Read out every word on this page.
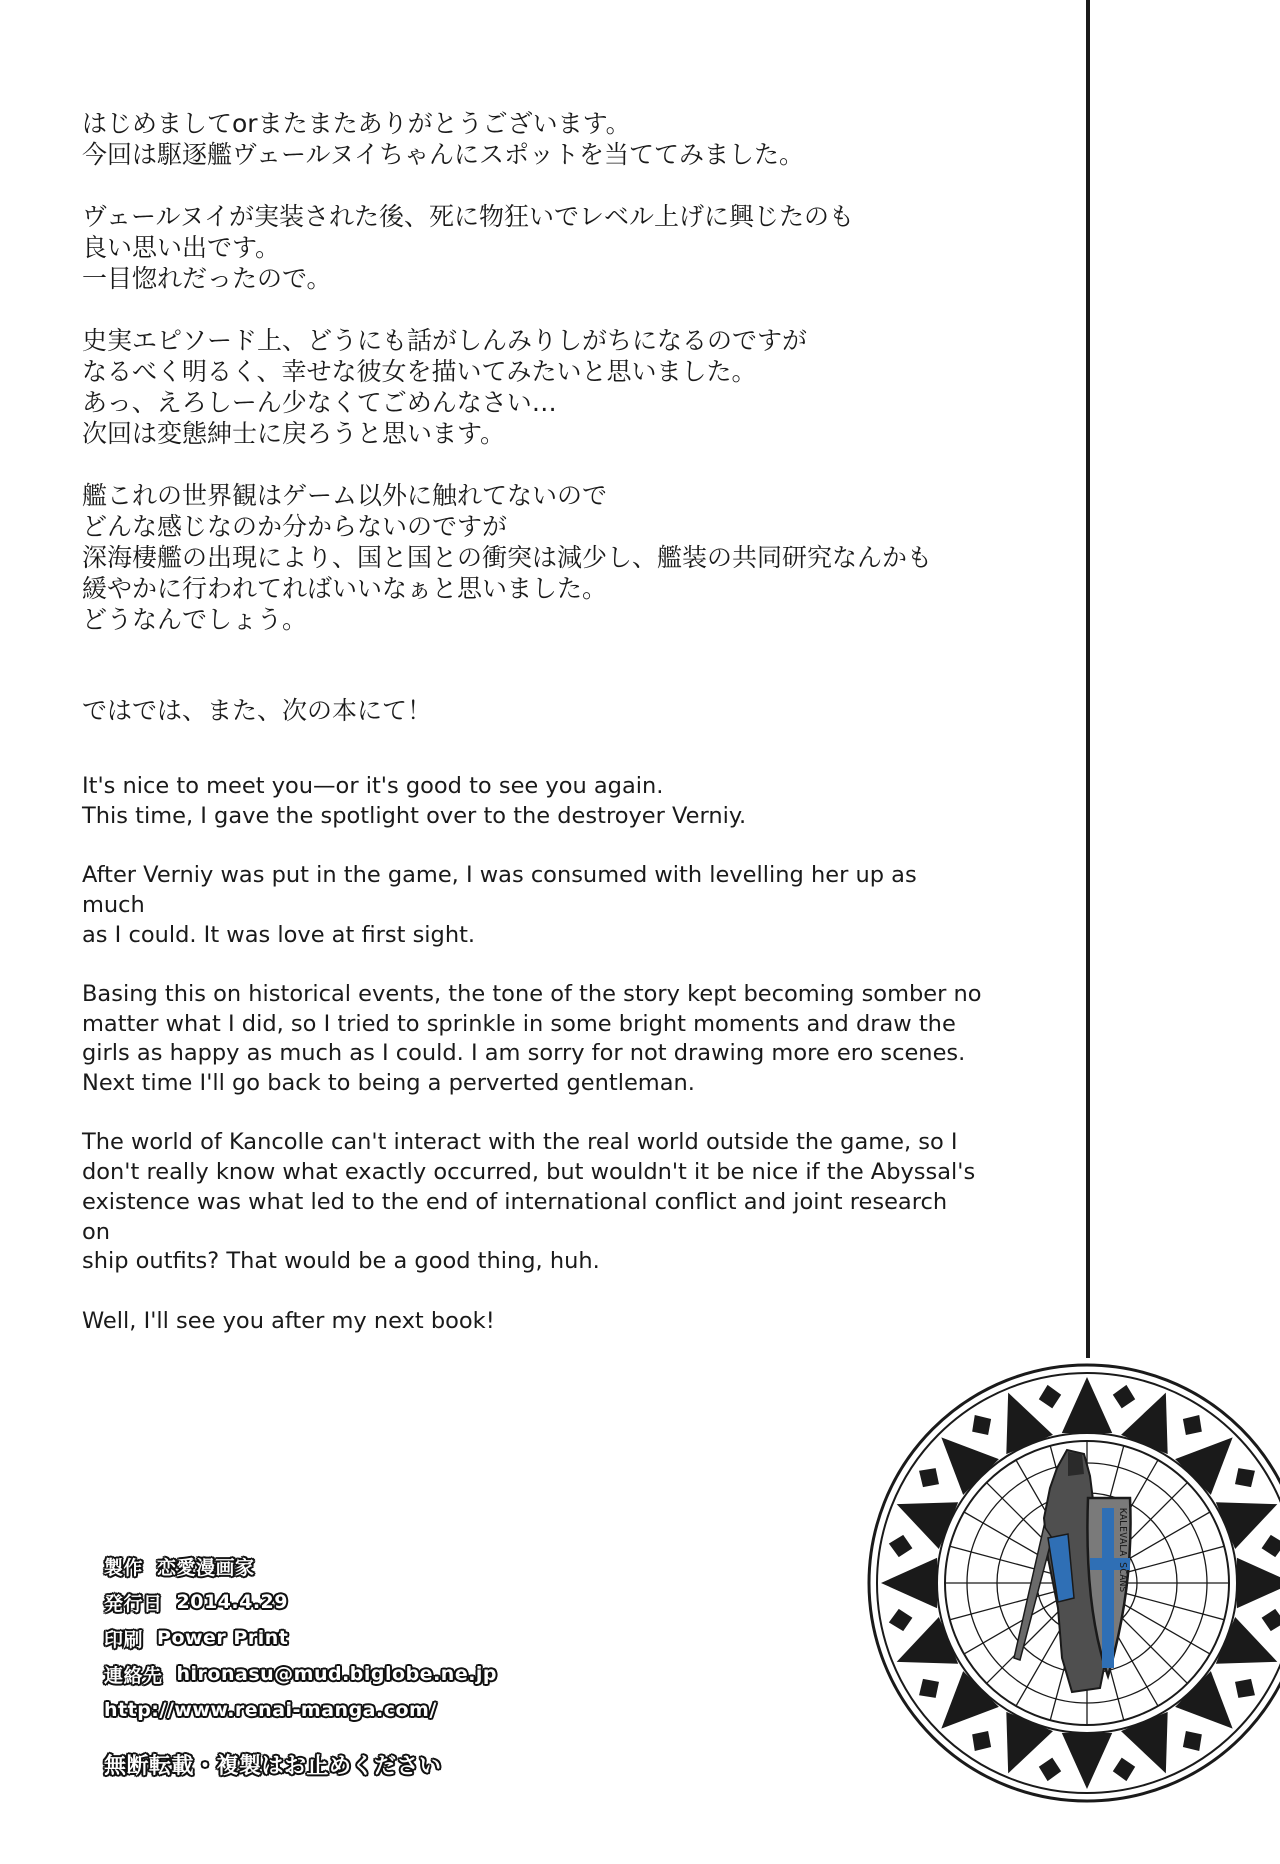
はじめましてorまたまたありがとうございます。
今回は駆逐艦ヴェールヌイちゃんにスポットを当ててみました。

ヴェールヌイが実装された後、死に物狂いでレベル上げに興じたのも
良い思い出です。
一目惚れだったので。

史実エピソード上、どうにも話がしんみりしがちになるのですが
なるべく明るく、幸せな彼女を描いてみたいと思いました。
あっ、えろしーん少なくてごめんなさい…
次回は変態紳士に戻ろうと思います。

艦これの世界観はゲーム以外に触れてないので
どんな感じなのか分からないのですが
深海棲艦の出現により、国と国との衝突は減少し、艦装の共同研究なんかも
緩やかに行われてればいいなぁと思いました。
どうなんでしょう。

ではでは、また、次の本にて！

It's nice to meet you—or it's good to see you again.
This time, I gave the spotlight over to the destroyer Verniy.

After Verniy was put in the game, I was consumed with levelling her up as much
as I could. It was love at first sight.

Basing this on historical events, the tone of the story kept becoming somber no
matter what I did, so I tried to sprinkle in some bright moments and draw the
girls as happy as much as I could. I am sorry for not drawing more ero scenes.
Next time I'll go back to being a perverted gentleman.

The world of Kancolle can't interact with the real world outside the game, so I
don't really know what exactly occurred, but wouldn't it be nice if the Abyssal's
existence was what led to the end of international conflict and joint research on
ship outfits? That would be a good thing, huh.

Well, I'll see you after my next book!

製作 恋愛漫画家
発行日 2014.4.29
印刷 Power Print
連絡先 hironasu@mud.biglobe.ne.jp
http://www.renai-manga.com/
無断転載・複製はお止めください
KALEVALA SCANS
